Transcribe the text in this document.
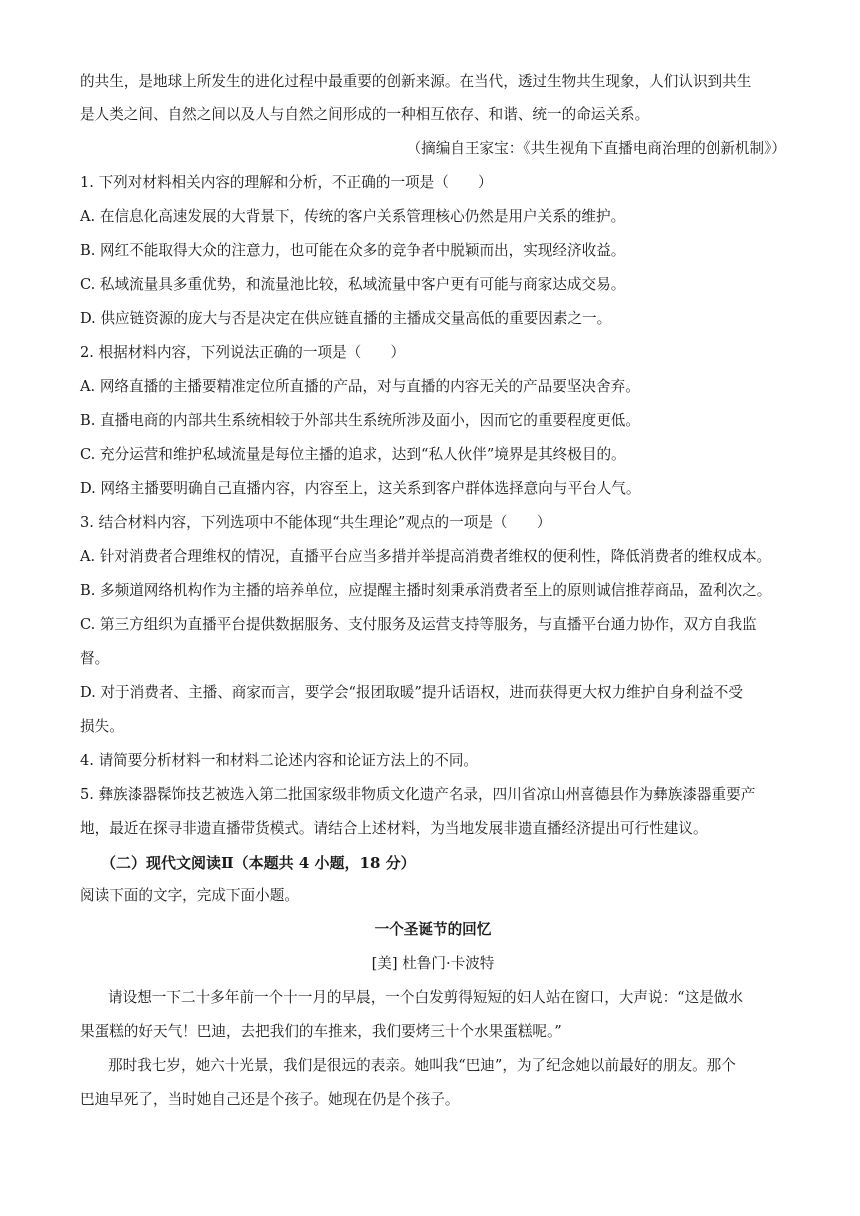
的共生，是地球上所发生的进化过程中最重要的创新来源。在当代，透过生物共生现象，人们认识到共生
是人类之间、自然之间以及人与自然之间形成的一种相互依存、和谐、统一的命运关系。
（摘编自王家宝：《共生视角下直播电商治理的创新机制》）
1. 下列对材料相关内容的理解和分析，不正确的一项是（　　）
A. 在信息化高速发展的大背景下，传统的客户关系管理核心仍然是用户关系的维护。
B. 网红不能取得大众的注意力，也可能在众多的竞争者中脱颖而出，实现经济收益。
C. 私域流量具多重优势，和流量池比较，私域流量中客户更有可能与商家达成交易。
D. 供应链资源的庞大与否是决定在供应链直播的主播成交量高低的重要因素之一。
2. 根据材料内容，下列说法正确的一项是（　　）
A. 网络直播的主播要精准定位所直播的产品，对与直播的内容无关的产品要坚决舍弃。
B. 直播电商的内部共生系统相较于外部共生系统所涉及面小，因而它的重要程度更低。
C. 充分运营和维护私域流量是每位主播的追求，达到“私人伙伴”境界是其终极目的。
D. 网络主播要明确自己直播内容，内容至上，这关系到客户群体选择意向与平台人气。
3. 结合材料内容，下列选项中不能体现“共生理论”观点的一项是（　　）
A. 针对消费者合理维权的情况，直播平台应当多措并举提高消费者维权的便利性，降低消费者的维权成本。
B. 多频道网络机构作为主播的培养单位，应提醒主播时刻秉承消费者至上的原则诚信推荐商品，盈利次之。
C. 第三方组织为直播平台提供数据服务、支付服务及运营支持等服务，与直播平台通力协作，双方自我监
督。
D. 对于消费者、主播、商家而言，要学会“报团取暖”提升话语权，进而获得更大权力维护自身利益不受
损失。
4. 请简要分析材料一和材料二论述内容和论证方法上的不同。
5. 彝族漆器髹饰技艺被选入第二批国家级非物质文化遗产名录，四川省凉山州喜德县作为彝族漆器重要产
地，最近在探寻非遗直播带货模式。请结合上述材料，为当地发展非遗直播经济提出可行性建议。
（二）现代文阅读Ⅱ（本题共 4 小题，18 分）
阅读下面的文字，完成下面小题。
一个圣诞节的回忆
[美] 杜鲁门·卡波特
请设想一下二十多年前一个十一月的早晨，一个白发剪得短短的妇人站在窗口，大声说：“这是做水
果蛋糕的好天气！巴迪，去把我们的车推来，我们要烤三十个水果蛋糕呢。”
那时我七岁，她六十光景，我们是很远的表亲。她叫我“巴迪”，为了纪念她以前最好的朋友。那个
巴迪早死了，当时她自己还是个孩子。她现在仍是个孩子。
